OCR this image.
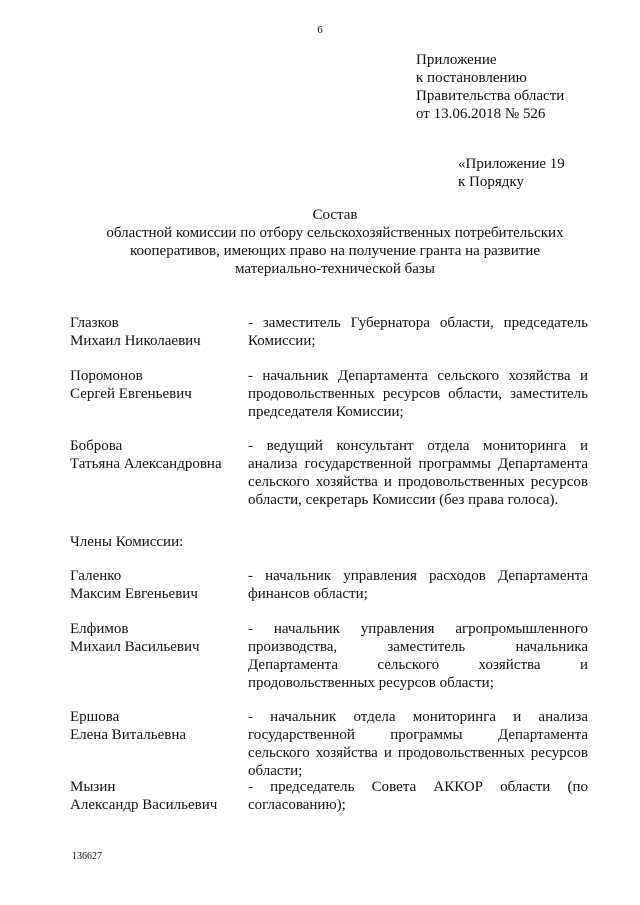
6
Приложение
к постановлению
Правительства области
от 13.06.2018 № 526
«Приложение 19
к Порядку
Состав
областной комиссии по отбору сельскохозяйственных потребительских
кооперативов, имеющих право на получение гранта на развитие
материально-технической базы
Глазков
Михаил Николаевич
- заместитель Губернатора области, председатель Комиссии;
Поромонов
Сергей Евгеньевич
- начальник Департамента сельского хозяйства и продовольственных ресурсов области, заместитель председателя Комиссии;
Боброва
Татьяна Александровна
- ведущий консультант отдела мониторинга и анализа государственной программы Департамента сельского хозяйства и продовольственных ресурсов области, секретарь Комиссии (без права голоса).
Члены Комиссии:
Галенко
Максим Евгеньевич
- начальник управления расходов Департамента финансов области;
Елфимов
Михаил Васильевич
- начальник управления агропромышленного производства, заместитель начальника Департамента сельского хозяйства и продовольственных ресурсов области;
Ершова
Елена Витальевна
- начальник отдела мониторинга и анализа государственной программы Департамента сельского хозяйства и продовольственных ресурсов области;
Мызин
Александр Васильевич
- председатель Совета АККОР области (по согласованию);
136627
